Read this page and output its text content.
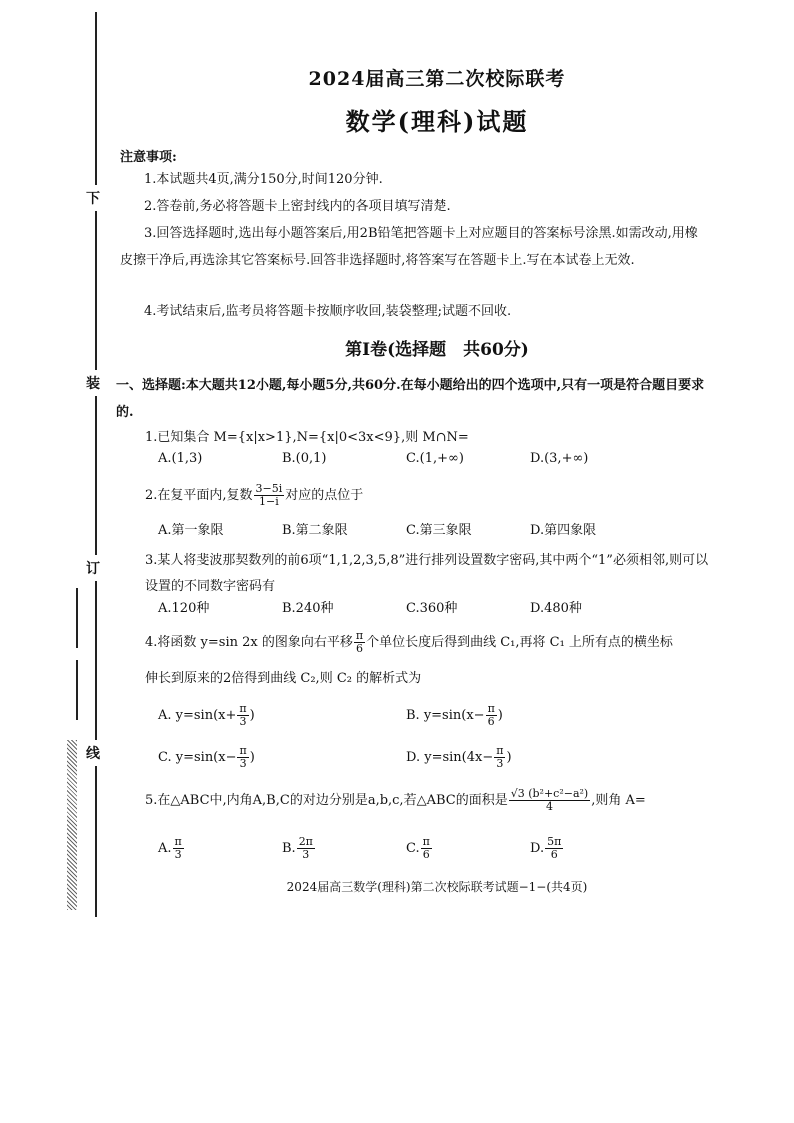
下
装
订
线
2024届高三第二次校际联考
数学(理科)试题
注意事项:
1.本试题共4页,满分150分,时间120分钟.
2.答卷前,务必将答题卡上密封线内的各项目填写清楚.
3.回答选择题时,选出每小题答案后,用2B铅笔把答题卡上对应题目的答案标号涂黑.如需改动,用橡皮擦干净后,再选涂其它答案标号.回答非选择题时,将答案写在答题卡上.写在本试卷上无效.
4.考试结束后,监考员将答题卡按顺序收回,装袋整理;试题不回收.
第Ⅰ卷(选择题　共60分)
一、选择题:本大题共12小题,每小题5分,共60分.在每小题给出的四个选项中,只有一项是符合题目要求的.
1.已知集合 M={x|x>1},N={x|0<3x<9},则 M∩N=
A.(1,3)	B.(0,1)	C.(1,+∞)	D.(3,+∞)
2.在复平面内,复数 $\frac{3-5i}{1-i}$ 对应的点位于
A.第一象限	B.第二象限	C.第三象限	D.第四象限
3.某人将斐波那契数列的前6项“1,1,2,3,5,8”进行排列设置数字密码,其中两个“1”必须相邻,则可以设置的不同数字密码有
A.120种	B.240种	C.360种	D.480种
4.将函数 y=sin 2x 的图象向右平移 $\frac{\pi}{6}$ 个单位长度后得到曲线 C₁,再将 C₁ 上所有点的横坐标
伸长到原来的2倍得到曲线 C₂,则 C₂ 的解析式为
A. $y=\sin(x+ \frac{\pi}{3}$ )	B. $y=\sin(x- \frac{\pi}{6}$ )
C. $y=\sin(x- \frac{\pi}{3}$ )	D. $y=\sin(4x- \frac{\pi}{3}$ )
5.在△ABC中,内角A,B,C的对边分别是a,b,c,若△ABC的面积是 $\frac{\text{√3 (b²+c²−a²)}}{4}$ ,则角 A=
A. $\frac{\pi}{3}$	B. $\frac{2\pi}{3}$	C. $\frac{\pi}{6}$	D. $\frac{5\pi}{6}$
2024届高三数学(理科)第二次校际联考试题−1−(共4页)
